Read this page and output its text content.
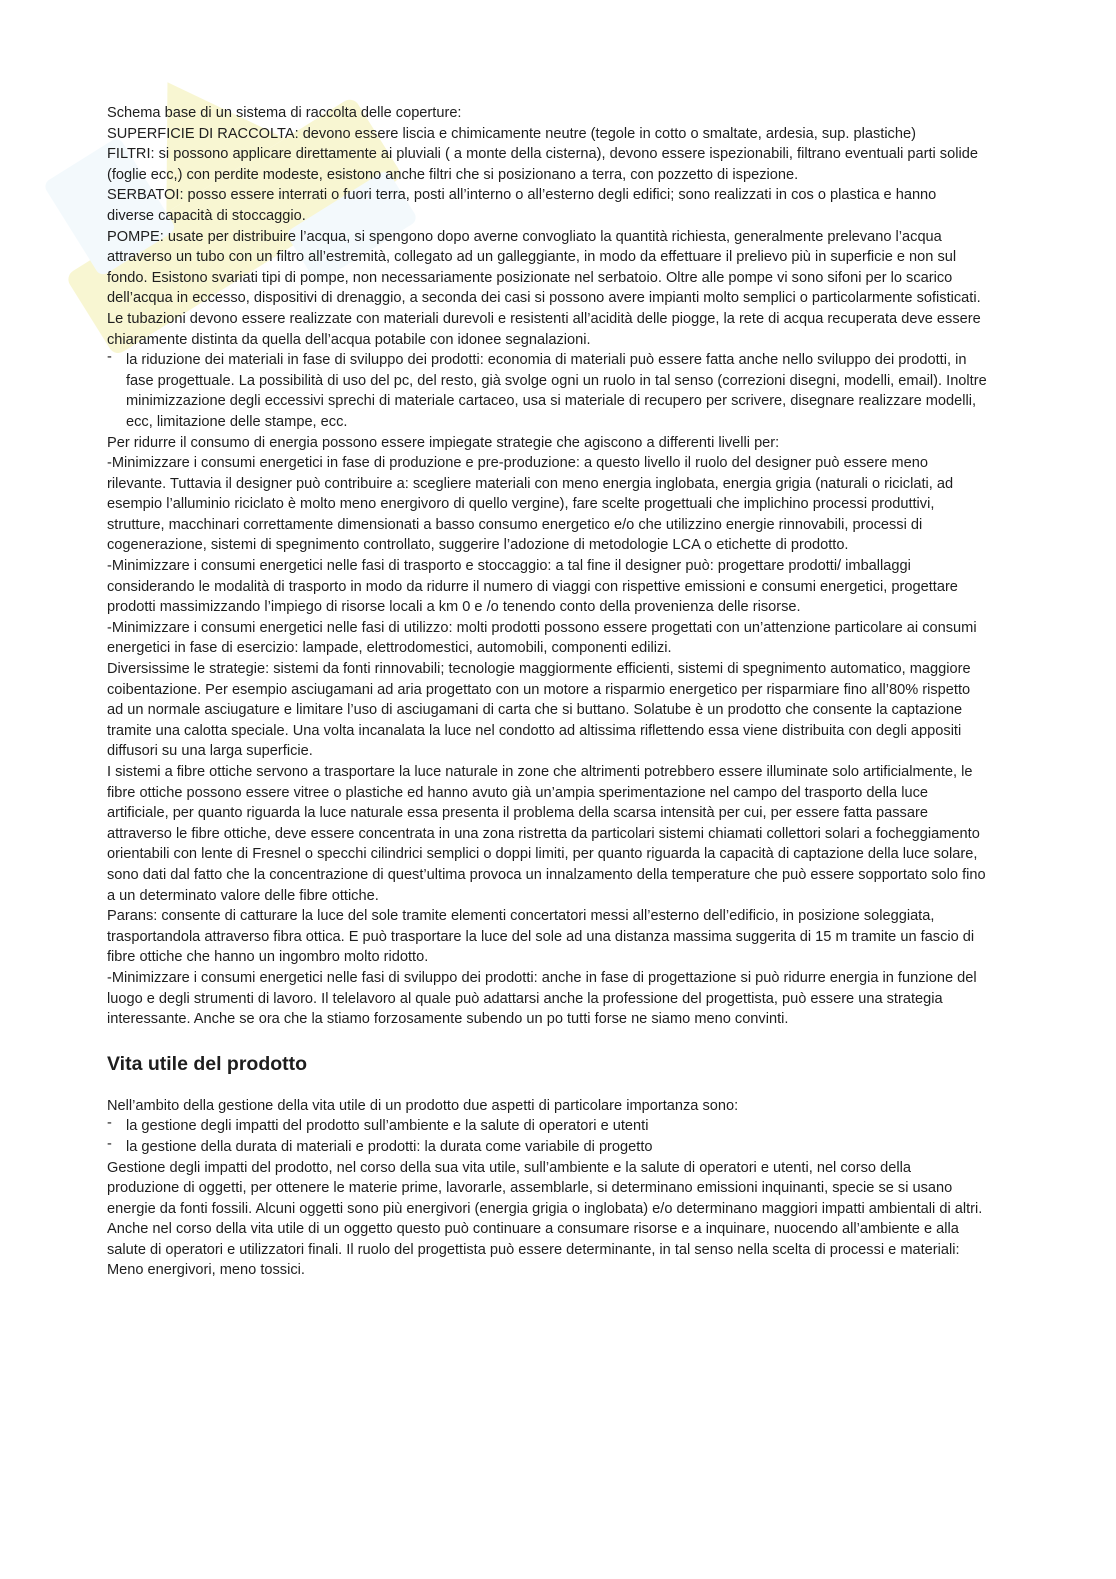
Schema base di un sistema di raccolta delle coperture:

SUPERFICIE DI RACCOLTA: devono essere liscia e chimicamente neutre (tegole in cotto o smaltate, ardesia, sup. plastiche)

FILTRI: si possono applicare direttamente ai pluviali ( a monte della cisterna), devono essere ispezionabili, filtrano eventuali parti solide (foglie ecc,) con perdite modeste, esistono anche filtri che si posizionano a terra, con pozzetto di ispezione.

SERBATOI: posso essere interrati o fuori terra, posti all’interno o all’esterno degli edifici; sono realizzati in cos o plastica e hanno diverse capacità di stoccaggio.

POMPE: usate per distribuire l’acqua, si spengono dopo averne convogliato la quantità richiesta, generalmente prelevano l’acqua attraverso un tubo con un filtro all’estremità, collegato ad un galleggiante, in modo da effettuare il prelievo più in superficie e non sul fondo. Esistono svariati tipi di pompe, non necessariamente posizionate nel serbatoio. Oltre alle pompe vi sono sifoni per lo scarico dell’acqua in eccesso, dispositivi di drenaggio, a seconda dei casi si possono avere impianti molto semplici o particolarmente sofisticati. Le tubazioni devono essere realizzate con materiali durevoli e resistenti all’acidità delle piogge, la rete di acqua recuperata deve essere chiaramente distinta da quella dell’acqua potabile con idonee segnalazioni.

- la riduzione dei materiali in fase di sviluppo dei prodotti: economia di materiali può essere fatta anche nello sviluppo dei prodotti, in fase progettuale. La possibilità di uso del pc, del resto, già svolge ogni un ruolo in tal senso (correzioni disegni, modelli, email). Inoltre minimizzazione degli eccessivi sprechi di materiale cartaceo, usa si materiale di recupero per scrivere, disegnare realizzare modelli, ecc, limitazione delle stampe, ecc.

Per ridurre il consumo di energia possono essere impiegate strategie che agiscono a differenti livelli per:

-Minimizzare i consumi energetici in fase di produzione e pre-produzione: a questo livello il ruolo del designer può essere meno rilevante. Tuttavia il designer può contribuire a: scegliere materiali con meno energia inglobata, energia grigia (naturali o riciclati, ad esempio l’alluminio riciclato è molto meno energivoro di quello vergine), fare scelte progettuali che implichino processi produttivi, strutture, macchinari correttamente dimensionati a basso consumo energetico e/o che utilizzino energie rinnovabili, processi di cogenerazione, sistemi di spegnimento controllato, suggerire l’adozione di metodologie LCA o etichette di prodotto.

-Minimizzare i consumi energetici nelle fasi di trasporto e stoccaggio: a tal fine il designer può: progettare prodotti/ imballaggi considerando le modalità di trasporto in modo da ridurre il numero di viaggi con rispettive emissioni e consumi energetici, progettare prodotti massimizzando l’impiego di risorse locali a km 0 e /o tenendo conto della provenienza delle risorse.

-Minimizzare i consumi energetici nelle fasi di utilizzo: molti prodotti possono essere progettati con un’attenzione particolare ai consumi energetici in fase di esercizio: lampade, elettrodomestici, automobili, componenti edilizi.

Diversissime le strategie: sistemi da fonti rinnovabili; tecnologie maggiormente efficienti, sistemi di spegnimento automatico, maggiore coibentazione. Per esempio asciugamani ad aria progettato con un motore a risparmio energetico per risparmiare fino all’80% rispetto ad un normale asciugature e limitare l’uso di asciugamani di carta che si buttano. Solatube è un prodotto che consente la captazione tramite una calotta speciale. Una volta incanalata la luce nel condotto ad altissima riflettendo essa viene distribuita con degli appositi diffusori su una larga superficie.

I sistemi a fibre ottiche servono a trasportare la luce naturale in zone che altrimenti potrebbero essere illuminate solo artificialmente, le fibre ottiche possono essere vitree o plastiche ed hanno avuto già un’ampia sperimentazione nel campo del trasporto della luce artificiale, per quanto riguarda la luce naturale essa presenta il problema della scarsa intensità per cui, per essere fatta passare attraverso le fibre ottiche, deve essere concentrata in una zona ristretta da particolari sistemi chiamati collettori solari a focheggiamento orientabili con lente di Fresnel o specchi cilindrici semplici o doppi limiti, per quanto riguarda la capacità di captazione della luce solare, sono dati dal fatto che la concentrazione di quest’ultima provoca un innalzamento della temperature che può essere sopportato solo fino a un determinato valore delle fibre ottiche.

Parans: consente di catturare la luce del sole tramite elementi concertatori messi all’esterno dell’edificio, in posizione soleggiata, trasportandola attraverso fibra ottica. E può trasportare la luce del sole ad una distanza massima suggerita di 15 m tramite un fascio di fibre ottiche che hanno un ingombro molto ridotto.

-Minimizzare i consumi energetici nelle fasi di sviluppo dei prodotti: anche in fase di progettazione si può ridurre energia in funzione del luogo e degli strumenti di lavoro. Il telelavoro al quale può adattarsi anche la professione del progettista, può essere una strategia interessante. Anche se ora che la stiamo forzosamente subendo un po tutti forse ne siamo meno convinti.

Vita utile del prodotto

Nell’ambito della gestione della vita utile di un prodotto due aspetti di particolare importanza sono:

- la gestione degli impatti del prodotto sull’ambiente e la salute di operatori e utenti

- la gestione della durata di materiali e prodotti: la durata come variabile di progetto

Gestione degli impatti del prodotto, nel corso della sua vita utile, sull’ambiente e la salute di operatori e utenti, nel corso della produzione di oggetti, per ottenere le materie prime, lavorarle, assemblarle, si determinano emissioni inquinanti, specie se si usano energie da fonti fossili. Alcuni oggetti sono più energivori (energia grigia o inglobata) e/o determinano maggiori impatti ambientali di altri. Anche nel corso della vita utile di un oggetto questo può continuare a consumare risorse e a inquinare, nuocendo all’ambiente e alla salute di operatori e utilizzatori finali. Il ruolo del progettista può essere determinante, in tal senso nella scelta di processi e materiali: Meno energivori, meno tossici.
